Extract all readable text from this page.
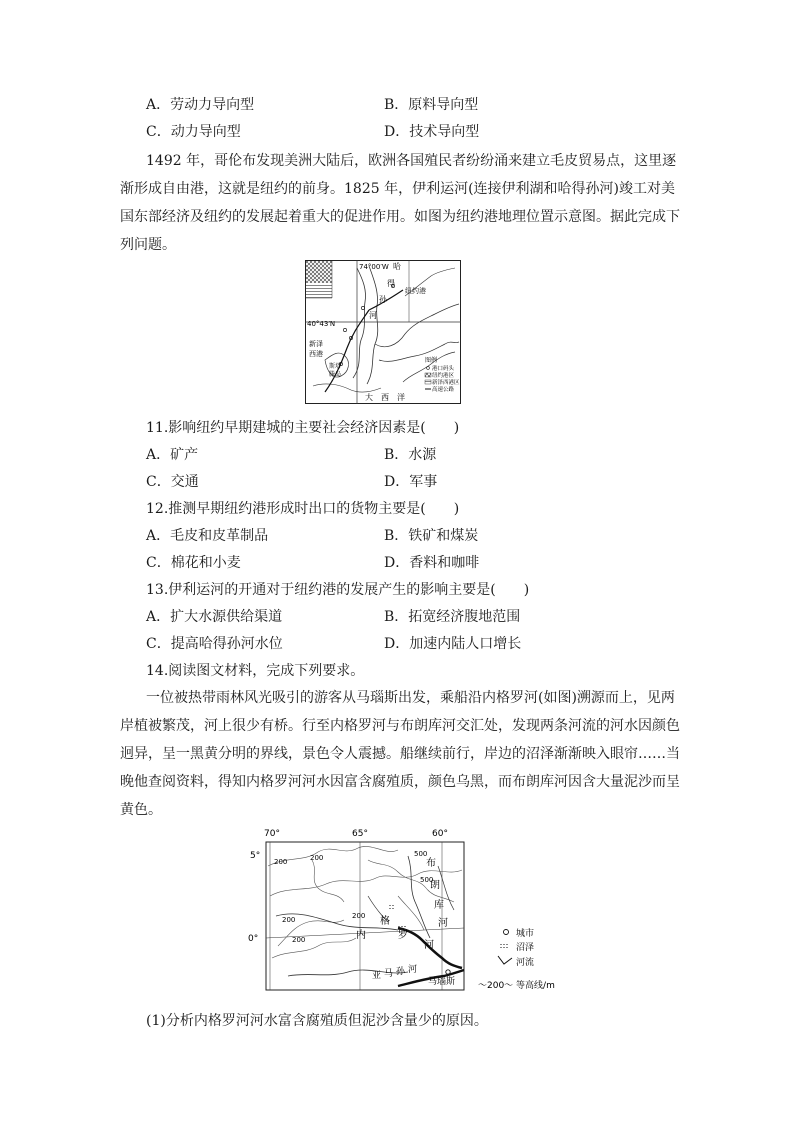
A．劳动力导向型	B．原料导向型
C．动力导向型	D．技术导向型

1492 年，哥伦布发现美洲大陆后，欧洲各国殖民者纷纷涌来建立毛皮贸易点，这里逐

渐形成自由港，这就是纽约的前身。1825 年，伊利运河(连接伊利湖和哈得孙河)竣工对美

国东部经济及纽约的发展起着重大的促进作用。如图为纽约港地理位置示意图。据此完成下

列问题。

74°00′W 哈
得
孙
河
纽约港
40°43′N
新泽
西港
斯塔
滕岛
大　西　洋
图例
港口码头
纽约港区
新泽西港区
高速公路
11.影响纽约早期建城的主要社会经济因素是(　　)
A．矿产	B．水源
C．交通	D．军事
12.推测早期纽约港形成时出口的货物主要是(　　)
A．毛皮和皮革制品	B．铁矿和煤炭
C．棉花和小麦	D．香料和咖啡
13.伊利运河的开通对于纽约港的发展产生的影响主要是(　　)
A．扩大水源供给渠道	B．拓宽经济腹地范围
C．提高哈得孙河水位	D．加速内陆人口增长
14.阅读图文材料，完成下列要求。

一位被热带雨林风光吸引的游客从马瑙斯出发，乘船沿内格罗河(如图)溯源而上，见两

岸植被繁茂，河上很少有桥。行至内格罗河与布朗库河交汇处，发现两条河流的河水因颜色

迥异，呈一黑黄分明的界线，景色令人震撼。船继续前行，岸边的沼泽渐渐映入眼帘……当

晚他查阅资料，得知内格罗河河水因富含腐殖质，颜色乌黑，而布朗库河因含大量泥沙而呈

黄色。

70°	65°	60°
5°
0°
马瑙斯
200	200	500
500
200
200
200
布
朗
库
河
内
格
罗
河
亚 马 孙 河
城市
沼泽
河流
～200～ 等高线/m
(1)分析内格罗河河水富含腐殖质但泥沙含量少的原因。
